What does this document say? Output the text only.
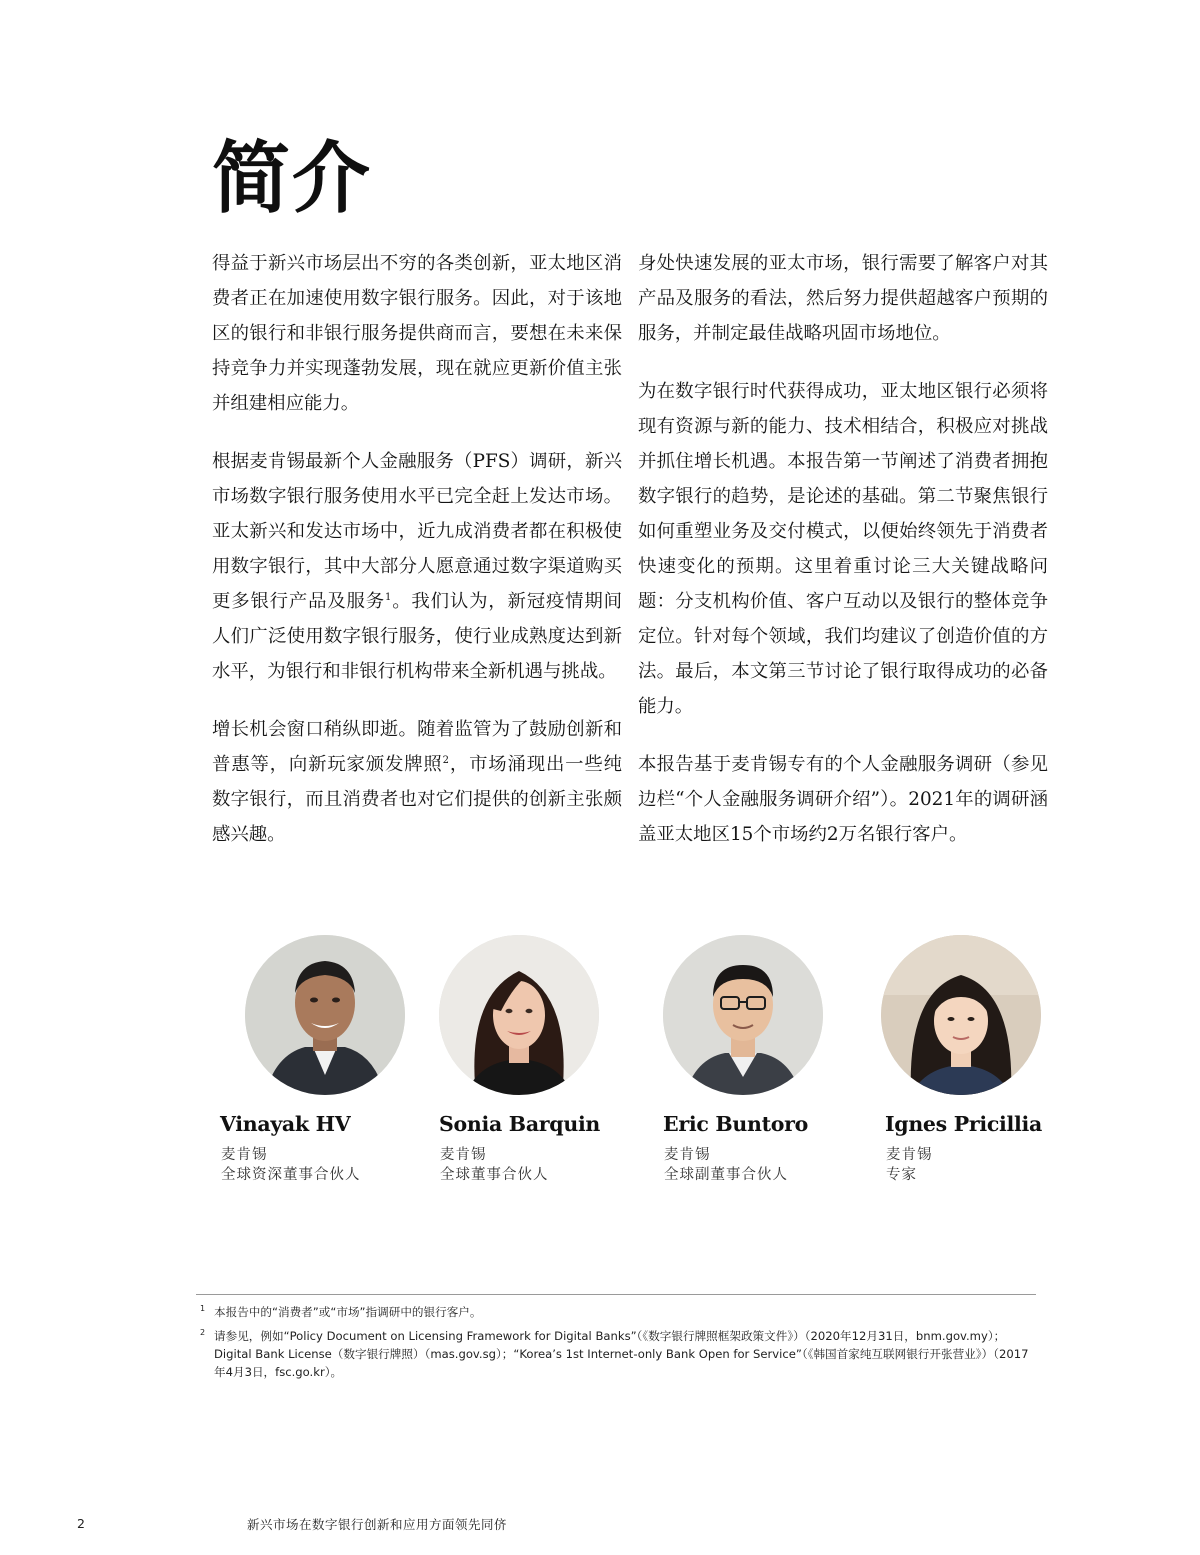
简介

得益于新兴市场层出不穷的各类创新，亚太地区消费者正在加速使用数字银行服务。因此，对于该地区的银行和非银行服务提供商而言，要想在未来保持竞争力并实现蓬勃发展，现在就应更新价值主张并组建相应能力。

根据麦肯锡最新个人金融服务（PFS）调研，新兴市场数字银行服务使用水平已完全赶上发达市场。亚太新兴和发达市场中，近九成消费者都在积极使用数字银行，其中大部分人愿意通过数字渠道购买更多银行产品及服务$^1$。我们认为，新冠疫情期间人们广泛使用数字银行服务，使行业成熟度达到新水平，为银行和非银行机构带来全新机遇与挑战。

增长机会窗口稍纵即逝。随着监管为了鼓励创新和普惠等，向新玩家颁发牌照$^2$，市场涌现出一些纯数字银行，而且消费者也对它们提供的创新主张颇感兴趣。

身处快速发展的亚太市场，银行需要了解客户对其产品及服务的看法，然后努力提供超越客户预期的服务，并制定最佳战略巩固市场地位。

为在数字银行时代获得成功，亚太地区银行必须将现有资源与新的能力、技术相结合，积极应对挑战并抓住增长机遇。本报告第一节阐述了消费者拥抱数字银行的趋势，是论述的基础。第二节聚焦银行如何重塑业务及交付模式，以便始终领先于消费者快速变化的预期。这里着重讨论三大关键战略问题：分支机构价值、客户互动以及银行的整体竞争定位。针对每个领域，我们均建议了创造价值的方法。最后，本文第三节讨论了银行取得成功的必备能力。

本报告基于麦肯锡专有的个人金融服务调研（参见边栏“个人金融服务调研介绍”）。2021年的调研涵盖亚太地区15个市场约2万名银行客户。

Vinayak HV
麦肯锡
全球资深董事合伙人
Sonia Barquin
麦肯锡
全球董事合伙人
Eric Buntoro
麦肯锡
全球副董事合伙人
Ignes Pricillia
麦肯锡
专家
1 本报告中的“消费者”或“市场”指调研中的银行客户。
2 请参见，例如“Policy Document on Licensing Framework for Digital Banks”（《数字银行牌照框架政策文件》）（2020年12月31日，bnm.gov.my）；Digital Bank License（数字银行牌照）（mas.gov.sg）；“Korea’s 1st Internet-only Bank Open for Service”（《韩国首家纯互联网银行开张营业》）（2017年4月3日，fsc.go.kr）。
2	新兴市场在数字银行创新和应用方面领先同侪
